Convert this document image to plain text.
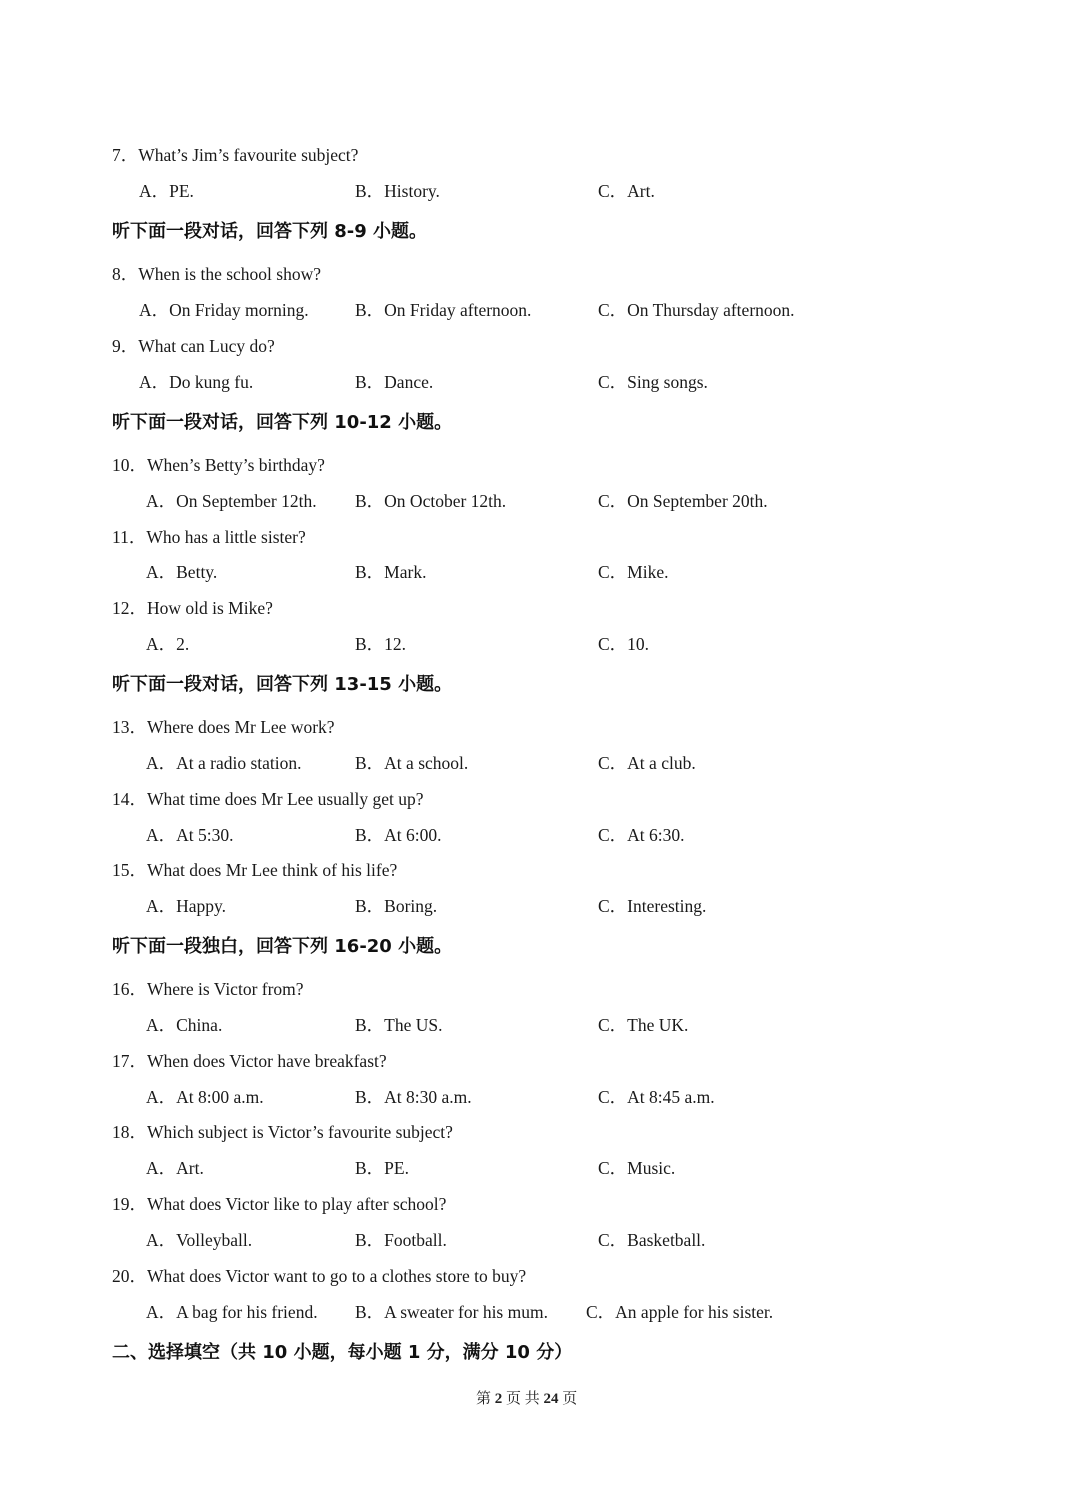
7．What’s Jim’s favourite subject?
A．PE.	B．History.	C．Art.
听下面一段对话，回答下列 8-9 小题。
8．When is the school show?
A．On Friday morning.	B．On Friday afternoon.	C．On Thursday afternoon.
9．What can Lucy do?
A．Do kung fu.	B．Dance.	C．Sing songs.
听下面一段对话，回答下列 10-12 小题。
10．When’s Betty’s birthday?
A．On September 12th. B．On October 12th.	C．On September 20th.
11．Who has a little sister?
A．Betty.	B．Mark.	C．Mike.
12．How old is Mike?
A．2.	B．12.	C．10.
听下面一段对话，回答下列 13-15 小题。
13．Where does Mr Lee work?
A．At a radio station.	B．At a school.	C．At a club.
14．What time does Mr Lee usually get up?
A．At 5:30.	B．At 6:00.	C．At 6:30.
15．What does Mr Lee think of his life?
A．Happy.	B．Boring.	C．Interesting.
听下面一段独白，回答下列 16-20 小题。
16．Where is Victor from?
A．China.	B．The US.	C．The UK.
17．When does Victor have breakfast?
A．At 8:00 a.m.	B．At 8:30 a.m.	C．At 8:45 a.m.
18．Which subject is Victor’s favourite subject?
A．Art.	B．PE.	C．Music.
19．What does Victor like to play after school?
A．Volleyball.	B．Football.	C．Basketball.
20．What does Victor want to go to a clothes store to buy?
A．A bag for his friend. B．A sweater for his mum. C．An apple for his sister.
二、选择填空（共 10 小题，每小题 1 分，满分 10 分）
第 2 页 共 24 页
